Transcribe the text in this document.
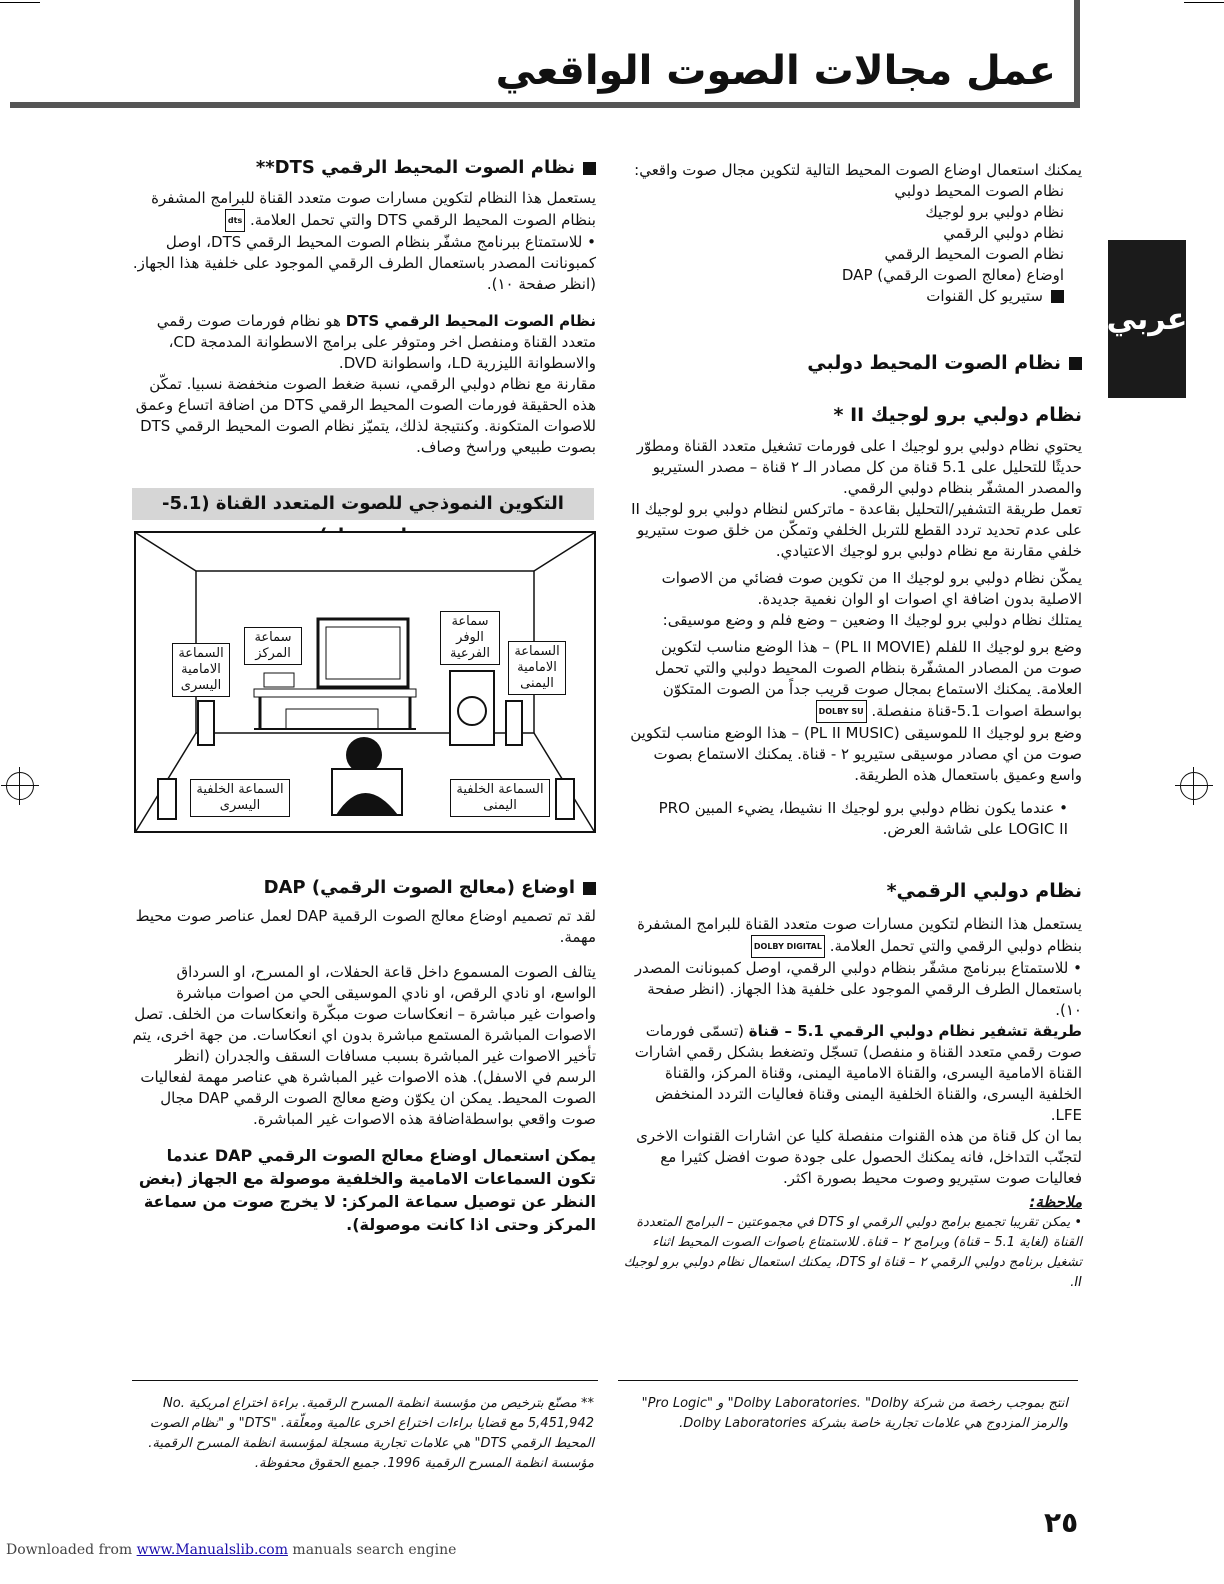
عمل مجالات الصوت الواقعي
عربي

يمكنك استعمال اوضاع الصوت المحيط التالية لتكوين مجال صوت واقعي:

نظام الصوت المحيط دولبي

نظام دولبي برو لوجيك

نظام دولبي الرقمي

نظام الصوت المحيط الرقمي

اوضاع (معالج الصوت الرقمي) DAP

ستيريو كل القنوات

نظام الصوت المحيط دولبي

نظام دولبي برو لوجيك II *

يحتوي نظام دولبي برو لوجيك I على فورمات تشغيل متعدد القناة ومطوّر حديثًا للتحليل على 5.1 قناة من كل مصادر الـ ٢ قناة – مصدر الستيريو والمصدر المشفّر بنظام دولبي الرقمي.

تعمل طريقة التشفير/التحليل بقاعدة - ماتركس لنظام دولبي برو لوجيك II على عدم تحديد تردد القطع للتربل الخلفي وتمكّن من خلق صوت ستيريو خلفي مقارنة مع نظام دولبي برو لوجيك الاعتيادي.

يمكّن نظام دولبي برو لوجيك II من تكوين صوت فضائي من الاصوات الاصلية بدون اضافة اي اصوات او الوان نغمية جديدة.

يمتلك نظام دولبي برو لوجيك II وضعين – وضع فلم و وضع موسيقى:

وضع برو لوجيك II للفلم (PL II MOVIE) – هذا الوضع مناسب لتكوين صوت من المصادر المشفّرة بنظام الصوت المحيط دولبي والتي تحمل العلامة. يمكنك الاستماع بمجال صوت قريب جداً من الصوت المتكوّن بواسطة اصوات 5.1-قناة منفصلة. DOLBY SU

وضع برو لوجيك II للموسيقى (PL II MUSIC) – هذا الوضع مناسب لتكوين صوت من اي مصادر موسيقى ستيريو ٢ - قناة. يمكنك الاستماع بصوت واسع وعميق باستعمال هذه الطريقة.

• عندما يكون نظام دولبي برو لوجيك II نشيطا، يضيء المبين PRO LOGIC II على شاشة العرض.

نظام دولبي الرقمي*

يستعمل هذا النظام لتكوين مسارات صوت متعدد القناة للبرامج المشفرة بنظام دولبي الرقمي والتي تحمل العلامة. DOLBY DIGITAL

• للاستمتاع ببرنامج مشفّر بنظام دولبي الرقمي، اوصل كمبونانت المصدر باستعمال الطرف الرقمي الموجود على خلفية هذا الجهاز. (انظر صفحة ١٠).

طريقة تشفير نظام دولبي الرقمي 5.1 – قناة (تسمّى فورمات صوت رقمي متعدد القناة و منفصل) تسجّل وتضغط بشكل رقمي اشارات القناة الامامية اليسرى، والقناة الامامية اليمنى، وقناة المركز، والقناة الخلفية اليسرى، والقناة الخلفية اليمنى وقناة فعاليات التردد المنخفض LFE.

بما ان كل قناة من هذه القنوات منفصلة كليا عن اشارات القنوات الاخرى لتجنّب التداخل، فانه يمكنك الحصول على جودة صوت افضل كثيرا مع فعاليات صوت ستيريو وصوت محيط بصورة اكثر.

ملاحظة:

• يمكن تقريبا تجميع برامج دولبي الرقمي او DTS في مجموعتين – البرامج المتعددة القناة (لغاية 5.1 – قناة) وبرامج ٢ – قناة. للاستمتاع باصوات الصوت المحيط اثناء تشغيل برنامج دولبي الرقمي ٢ – قناة او DTS، يمكنك استعمال نظام دولبي برو لوجيك II.

نظام الصوت المحيط الرقمي DTS**

يستعمل هذا النظام لتكوين مسارات صوت متعدد القناة للبرامج المشفرة بنظام الصوت المحيط الرقمي DTS والتي تحمل العلامة. dts

• للاستمتاع ببرنامج مشفّر بنظام الصوت المحيط الرقمي DTS، اوصل كمبونانت المصدر باستعمال الطرف الرقمي الموجود على خلفية هذا الجهاز. (انظر صفحة ١٠).

نظام الصوت المحيط الرقمي DTS هو نظام فورمات صوت رقمي متعدد القناة ومنفصل اخر ومتوفر على برامج الاسطوانة المدمجة CD، والاسطوانة الليزرية LD، واسطوانة DVD.

مقارنة مع نظام دولبي الرقمي، نسبة ضغط الصوت منخفضة نسبيا. تمكّن هذه الحقيقة فورمات الصوت المحيط الرقمي DTS من اضافة اتساع وعمق للاصوات المتكونة. وكنتيجة لذلك، يتميّز نظام الصوت المحيط الرقمي DTS بصوت طبيعي وراسخ وصاف.

التكوين النموذجي للصوت المتعدد القناة (5.1-
السماعة الامامية اليسرى
سماعة المركز
سماعة الوفر الفرعية	السماعة الامامية اليمنى
السماعة الخلفية اليسرى
السماعة الخلفية اليمنى

اوضاع (معالج الصوت الرقمي) DAP

لقد تم تصميم اوضاع معالج الصوت الرقمية DAP لعمل عناصر صوت محيط مهمة.

يتالف الصوت المسموع داخل قاعة الحفلات، او المسرح، او السرداق الواسع، او نادي الرقص، او نادي الموسيقى الحي من اصوات مباشرة واصوات غير مباشرة – انعكاسات صوت مبكّرة وانعكاسات من الخلف. تصل الاصوات المباشرة المستمع مباشرة بدون اي انعكاسات. من جهة اخرى، يتم تأخير الاصوات غير المباشرة بسبب مسافات السقف والجدران (انظر الرسم في الاسفل). هذه الاصوات غير المباشرة هي عناصر مهمة لفعاليات الصوت المحيط. يمكن ان يكوّن وضع معالج الصوت الرقمي DAP مجال صوت واقعي بواسطةاضافة هذه الاصوات غير المباشرة.

يمكن استعمال اوضاع معالج الصوت الرقمي DAP عندما تكون السماعات الامامية والخلفية موصولة مع الجهاز (بغض النظر عن توصيل سماعة المركز: لا يخرج صوت من سماعة المركز وحتى اذا كانت موصولة).

انتج بموجب رخصة من شركة Dolby Laboratories. "Dolby" و "Pro Logic" والرمز المزدوج هي علامات تجارية خاصة بشركة Dolby Laboratories.
** مصنّع بترخيص من مؤسسة انظمة المسرح الرقمية. براءة اختراع امريكية No. 5,451,942 مع قضايا براءات اختراع اخرى عالمية ومعلّقة. "DTS" و "نظام الصوت المحيط الرقمي DTS" هي علامات تجارية مسجلة لمؤسسة انظمة المسرح الرقمية. مؤسسة انظمة المسرح الرقمية 1996. جميع الحقوق محفوظة.
٢٥
Downloaded from www.Manualslib.com manuals search engine
